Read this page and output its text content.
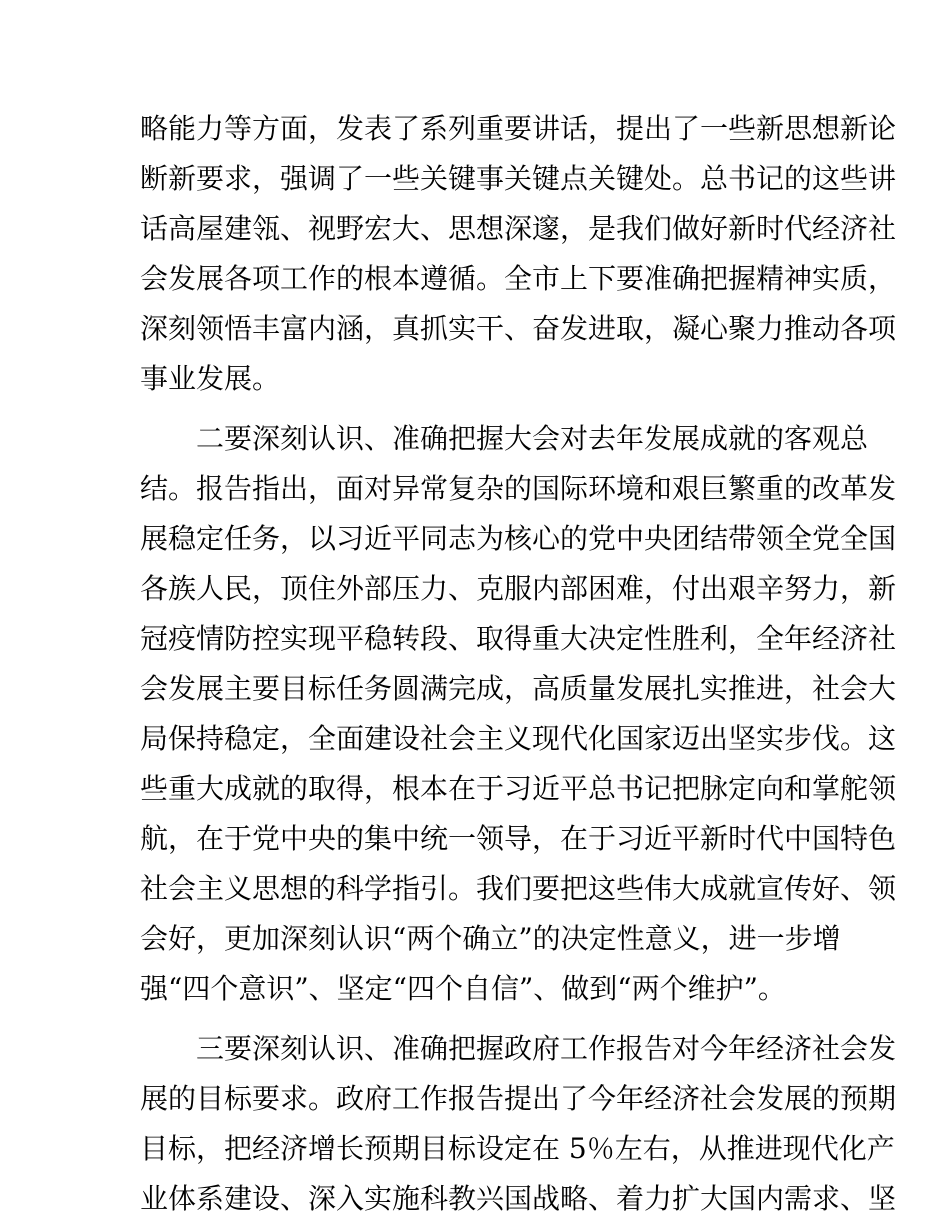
略能力等方面，发表了系列重要讲话，提出了一些新思想新论
断新要求，强调了一些关键事关键点关键处。总书记的这些讲
话高屋建瓴、视野宏大、思想深邃，是我们做好新时代经济社
会发展各项工作的根本遵循。全市上下要准确把握精神实质，
深刻领悟丰富内涵，真抓实干、奋发进取，凝心聚力推动各项
事业发展。
二要深刻认识、准确把握大会对去年发展成就的客观总
结。报告指出，面对异常复杂的国际环境和艰巨繁重的改革发
展稳定任务，以习近平同志为核心的党中央团结带领全党全国
各族人民，顶住外部压力、克服内部困难，付出艰辛努力，新
冠疫情防控实现平稳转段、取得重大决定性胜利，全年经济社
会发展主要目标任务圆满完成，高质量发展扎实推进，社会大
局保持稳定，全面建设社会主义现代化国家迈出坚实步伐。这
些重大成就的取得，根本在于习近平总书记把脉定向和掌舵领
航，在于党中央的集中统一领导，在于习近平新时代中国特色
社会主义思想的科学指引。我们要把这些伟大成就宣传好、领
会好，更加深刻认识“两个确立”的决定性意义，进一步增
强“四个意识”、坚定“四个自信”、做到“两个维护”。
三要深刻认识、准确把握政府工作报告对今年经济社会发
展的目标要求。政府工作报告提出了今年经济社会发展的预期
目标，把经济增长预期目标设定在 5％左右，从推进现代化产
业体系建设、深入实施科教兴国战略、着力扩大国内需求、坚
